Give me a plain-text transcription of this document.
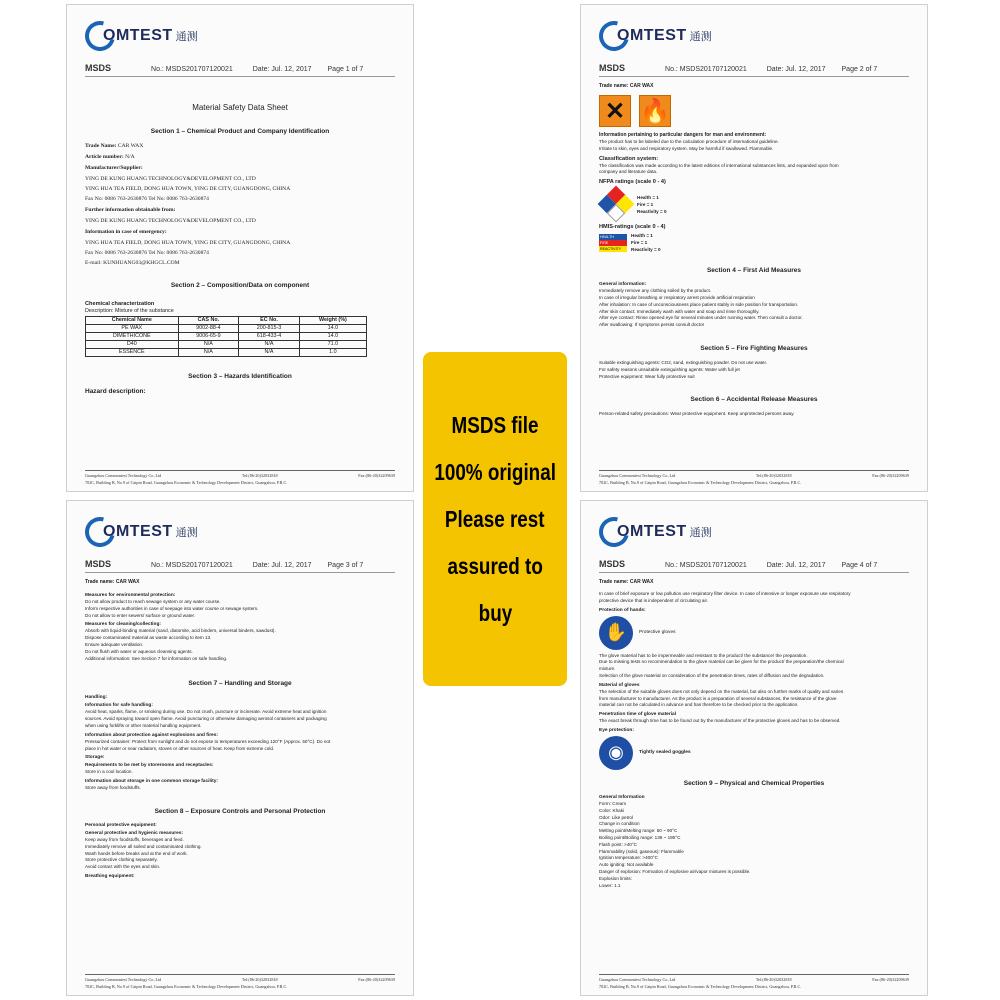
OMTEST 通测
MSDS	No.: MSDS201707120021	Date: Jul. 12, 2017 Page 1 of 7
Material Safety Data Sheet
Section 1 – Chemical Product and Company Identification
Trade Name: CAR WAX
Article number: N/A
Manufacturer/Supplier:
YING DE KUNG HUANG TECHNOLOGY&DEVELOPMENT CO., LTD
YING HUA TEA FIELD, DONG HUA TOWN, YING DE CITY, GUANGDONG, CHINA
Fax No: 0086 763-2630876 Tel No: 0086 763-2630874
Further information obtainable from:
YING DE KUNG HUANG TECHNOLOGY&DEVELOPMENT CO., LTD
Information in case of emergency:
YING HUA TEA FIELD, DONG HUA TOWN, YING DE CITY, GUANGDONG, CHINA
Fax No: 0086 763-2630876 Tel No: 0086 763-2630874
E-mail: KUNHUANG03@KHGCL.COM
Section 2 – Composition/Data on component
Chemical characterization
Description: Mixture of the substance
Chemical Name	CAS No.	EC No.	Weight (%)
PE WAX	9002-88-4	200-815-3	14.0
DIMETHICONE	9006-65-9	618-433-4	14.0
D40	N/A	N/A	71.0
ESSENCE	N/A	N/A	1.0
Section 3 – Hazards Identification
Hazard description:
Guangzhou Commontest Technology Co.,Ltd	Tel:(86-20)32032818	Fax:(86-20)32209639
702C, Building B, No.9 of Caipin Road, Guangzhou Economic & Technology Development District, Guangzhou, P.R.C.
OMTEST 通测
MSDS	No.: MSDS201707120021	Date: Jul. 12, 2017 Page 2 of 7
Trade name: CAR WAX
✕ 🔥
Information pertaining to particular dangers for man and environment:
The product has to be labeled due to the calculation procedure of international guideline.
Irritate to skin, eyes and respiratory system. May be harmful if swallowed. Flammable.
Classification system:
The classification was made according to the latest editions of international substances lists, and expanded upon from
company and literature data.
NFPA ratings (scale 0 - 4)
Health = 1
Fire = 1
Reactivity = 0
HMIS-ratings (scale 0 - 4)
HEALTH
FIRE
REACTIVITY
Health = 1
Fire = 1
Reactivity = 0
Section 4 – First Aid Measures
General information:
Immediately remove any clothing soiled by the product.
In case of irregular breathing or respiratory arrest provide artificial respiration
After inhalation: In case of unconsciousness place patient stably in side position for transportation.
After skin contact: Immediately wash with water and soap and rinse thoroughly.
After eye contact: Rinse opened eye for several minutes under running water. Then consult a doctor.
After swallowing: If symptoms persist consult doctor
Section 5 – Fire Fighting Measures
Suitable extinguishing agents: CO2, sand, extinguishing powder. Do not use water.
For safety reasons unsuitable extinguishing agents: Water with full jet
Protective equipment: Wear fully protective suit
Section 6 – Accidental Release Measures
Person-related safety precautions: Wear protective equipment. Keep unprotected persons away.
Guangzhou Commontest Technology Co.,Ltd	Tel:(86-20)32032818	Fax:(86-20)32209639
702C, Building B, No.9 of Caipin Road, Guangzhou Economic & Technology Development District, Guangzhou, P.R.C.
OMTEST 通测
MSDS	No.: MSDS201707120021	Date: Jul. 12, 2017 Page 3 of 7
Trade name: CAR WAX
Measures for environmental protection:
Do not allow product to reach sewage system or any water course.
Inform respective authorities in case of seepage into water course or sewage system.
Do not allow to enter sewers/ surface or ground water.
Measures for cleaning/collecting:
Absorb with liquid-binding material (sand, diatomite, acid binders, universal binders, sawdust).
Dispose contaminated material as waste according to item 13.
Ensure adequate ventilation.
Do not flush with water or aqueous cleansing agents.
Additional information: See Section 7 for information on safe handling.
Section 7 – Handling and Storage
Handling:
Information for safe handling:
Avoid heat, sparks, flame, or smoking during use. Do not crush, puncture or incinerate. Avoid extreme heat and ignition
sources. Avoid spraying toward open flame. Avoid puncturing or otherwise damaging aerosol containers and packaging
when using forklifts or other material handling equipment.
Information about protection against explosions and fires:
Pressurized container: Protect from sunlight and do not expose to temperatures exceeding 120°F (Approx. 50°C). Do not
place in hot water or near radiators, stoves or other sources of heat. Keep from extreme cold.
Storage:
Requirements to be met by storerooms and receptacles:
Store in a cool location.
Information about storage in one common storage facility:
Store away from foodstuffs.
Section 8 – Exposure Controls and Personal Protection
Personal protective equipment:
General protective and hygienic measures:
Keep away from foodstuffs, beverages and feed.
Immediately remove all soiled and contaminated clothing.
Wash hands before breaks and at the end of work.
Store protective clothing separately.
Avoid contact with the eyes and skin.
Breathing equipment:
Guangzhou Commontest Technology Co.,Ltd	Tel:(86-20)32032818	Fax:(86-20)32209639
702C, Building B, No.9 of Caipin Road, Guangzhou Economic & Technology Development District, Guangzhou, P.R.C.
OMTEST 通测
MSDS	No.: MSDS201707120021	Date: Jul. 12, 2017 Page 4 of 7
Trade name: CAR WAX
In case of brief exposure or low pollution use respiratory filter device. In case of intensive or longer exposure use respiratory
protective device that is independent of circulating air.
Protection of hands:
✋	Protective gloves
The glove material has to be impermeable and resistant to the product/ the substance/ the preparation.
Due to missing tests no recommendation to the glove material can be given for the product/ the preparation/the chemical
mixture.
Selection of the glove material on consideration of the penetration times, rates of diffusion and the degradation.
Material of gloves
The selection of the suitable gloves does not only depend on the material, but also on further marks of quality and varies
from manufacturer to manufacturer. As the product is a preparation of several substances, the resistance of the glove
material can not be calculated in advance and has therefore to be checked prior to the application.
Penetration time of glove material
The exact break through time has to be found out by the manufacturer of the protective gloves and has to be observed.
Eye protection:
◉	Tightly sealed goggles
Section 9 – Physical and Chemical Properties
General Information
Form: Cream
Color: Khaki
Odor: Like petrol
Change in condition
Melting point/Melting range: 50 ~ 90°C
Boiling point/Boiling range: 136 ~ 195°C
Flash point: >40°C
Flammability (solid, gaseous): Flammable
Ignition temperature: >400°C
Auto igniting: Not available
Danger of explosion: Formation of explosive air/vapor mixtures is possible.
Explosion limits:
Lower: 1.1
Guangzhou Commontest Technology Co.,Ltd	Tel:(86-20)32032818	Fax:(86-20)32209639
702C, Building B, No.9 of Caipin Road, Guangzhou Economic & Technology Development District, Guangzhou, P.R.C.
MSDS file
100% original
Please rest
assured to
buy
